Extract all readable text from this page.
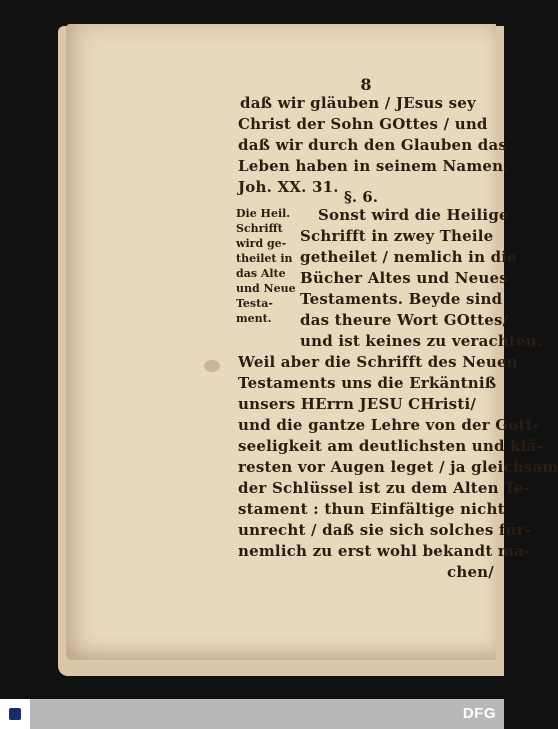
8
daß wir gläuben / JEsus sey
Christ der Sohn GOttes / und
daß wir durch den Glauben das
Leben haben in seinem Namen.
Joh. XX. 31.
§. 6.
Die Heil.
Schrifft
wird ge-
theilet in
das Alte
und Neue
Testa-
ment.
Sonst wird die Heilige
Schrifft in zwey Theile
getheilet / nemlich in die
Bücher Altes und Neues
Testaments. Beyde sind
das theure Wort GOttes/
und ist keines zu verachten.
Weil aber die Schrifft des Neuen
Testaments uns die Erkäntniß
unsers HErrn JESU CHristi/
und die gantze Lehre von der Gott-
seeligkeit am deutlichsten und klä-
resten vor Augen leget / ja gleichsam
der Schlüssel ist zu dem Alten Te-
stament : thun Einfältige nicht
unrecht / daß sie sich solches für-
nemlich zu erst wohl bekandt ma-
chen/
DFG
